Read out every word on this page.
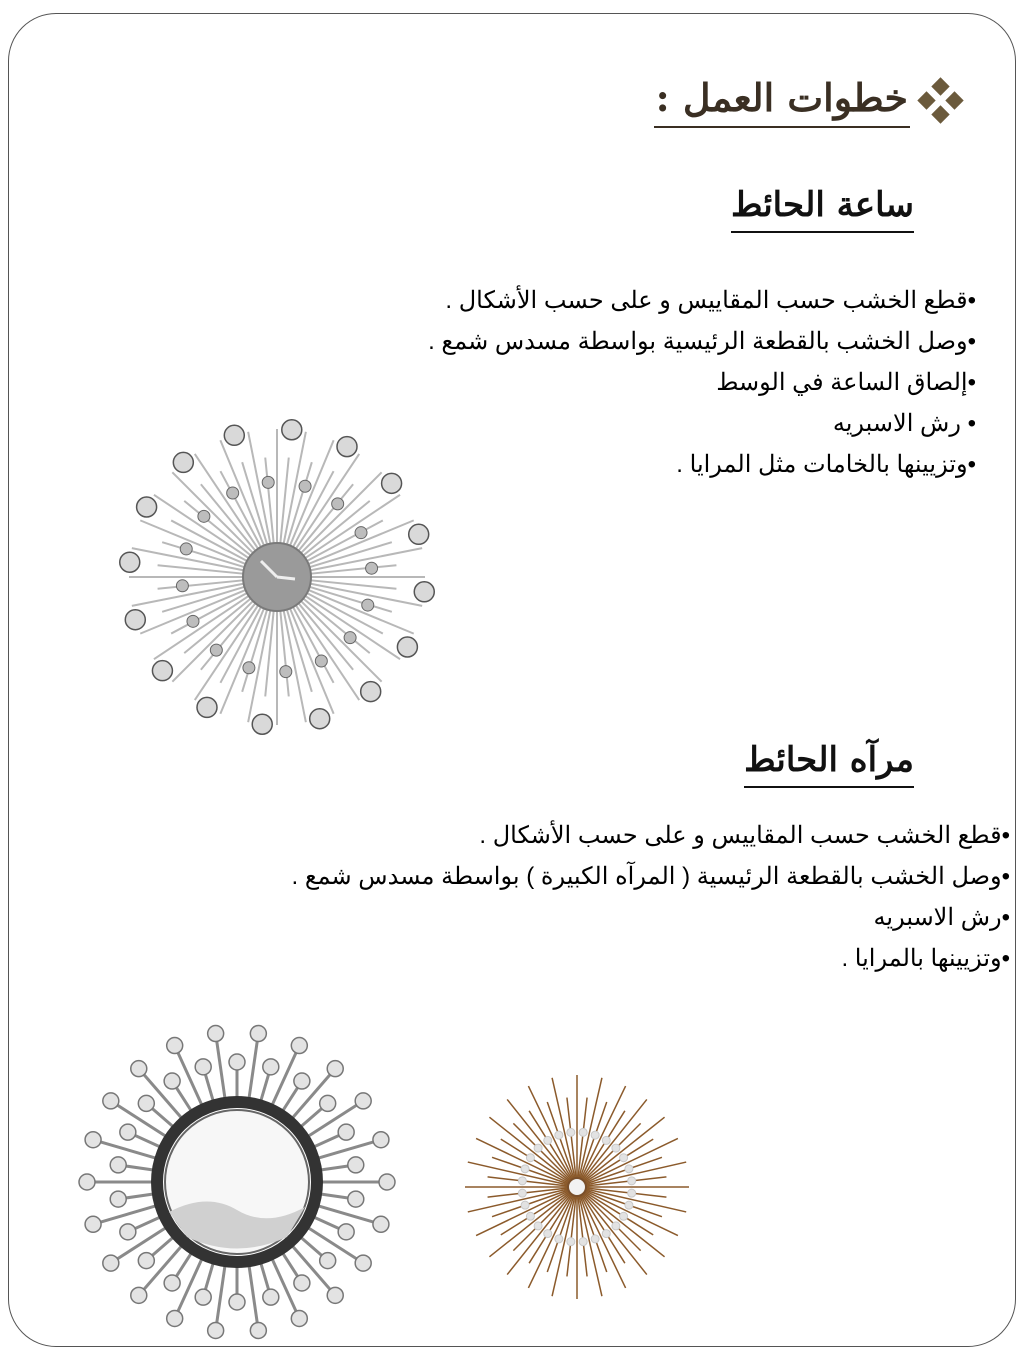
خطوات العمل :
ساعة الحائط
• قطع الخشب حسب المقاييس و على حسب الأشكال .
• وصل الخشب بالقطعة الرئيسية بواسطة مسدس شمع .
• إلصاق الساعة في الوسط
• رش الاسبريه
• وتزيينها بالخامات مثل المرايا .
مرآه الحائط
• قطع الخشب حسب المقاييس و على حسب الأشكال .
• وصل الخشب بالقطعة الرئيسية ( المرآه الكبيرة ) بواسطة مسدس شمع .
• رش الاسبريه
• وتزيينها بالمرايا .
